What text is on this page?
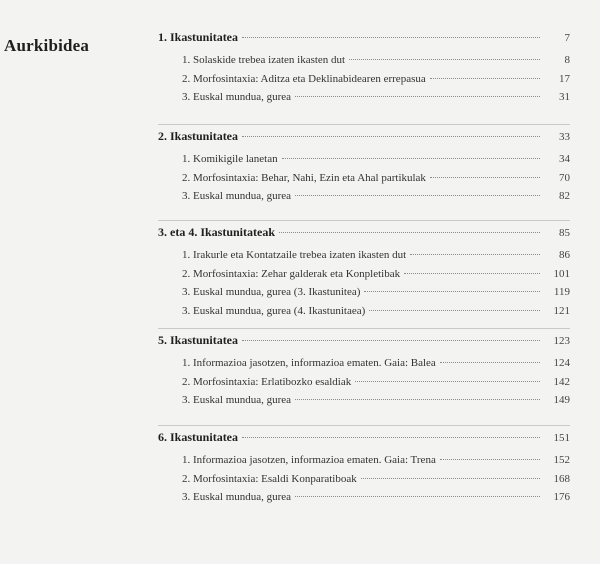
Aurkibidea	1. Ikastunitatea	7
1. Solaskide trebea izaten ikasten dut	8
2. Morfosintaxia: Aditza eta Deklinabidearen errepasua	17
3. Euskal mundua, gurea	31
2. Ikastunitatea	33
1. Komikigile lanetan	34
2. Morfosintaxia: Behar, Nahi, Ezin eta Ahal partikulak	70
3. Euskal mundua, gurea	82
3. eta 4. Ikastunitateak	85
1. Irakurle eta Kontatzaile trebea izaten ikasten dut	86
2. Morfosintaxia: Zehar galderak eta Konpletibak	101
3. Euskal mundua, gurea (3. Ikastunitea)	119
3. Euskal mundua, gurea (4. Ikastunitaea)	121
5. Ikastunitatea	123
1. Informazioa jasotzen, informazioa ematen. Gaia: Balea	124
2. Morfosintaxia: Erlatibozko esaldiak	142
3. Euskal mundua, gurea	149
6. Ikastunitatea	151
1. Informazioa jasotzen, informazioa ematen. Gaia: Trena	152
2. Morfosintaxia: Esaldi Konparatiboak	168
3. Euskal mundua, gurea	176
